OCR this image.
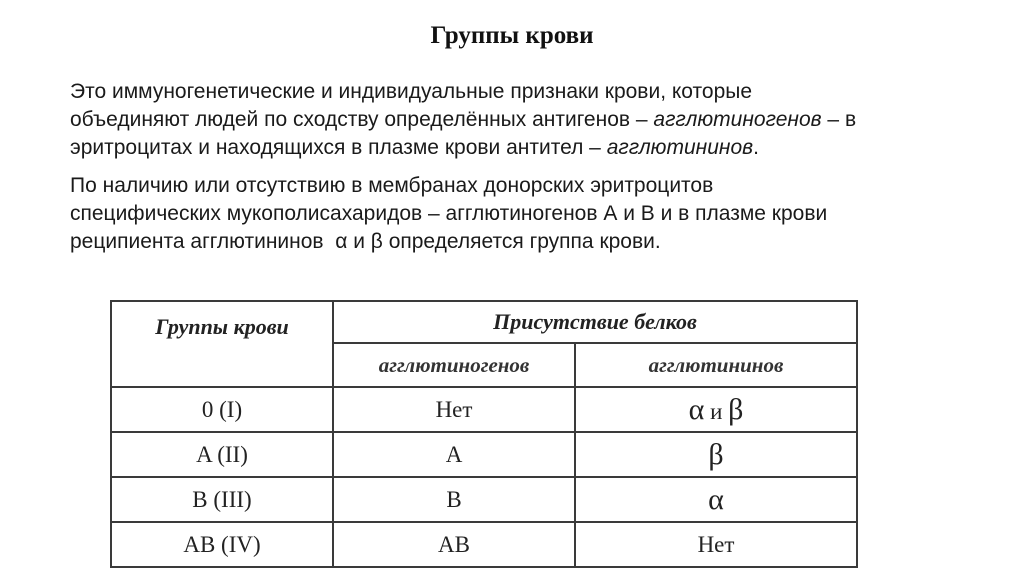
Группы крови
Это иммуногенетические и индивидуальные признаки крови, которые
объединяют людей по сходству определённых антигенов – агглютиногенов – в
эритроцитах и находящихся в плазме крови антител – агглютининов.
По наличию или отсутствию в мембранах донорских эритроцитов
специфических мукополисахаридов – агглютиногенов А и В и в плазме крови
реципиента агглютининов  α и β определяется группа крови.
Группы крови	Присутствие белков	
	агглютиногенов	агглютининов
0 (I)	Нет	α и β
A (II)	A	β
B (III)	B	α
AB (IV)	AB	Нет
